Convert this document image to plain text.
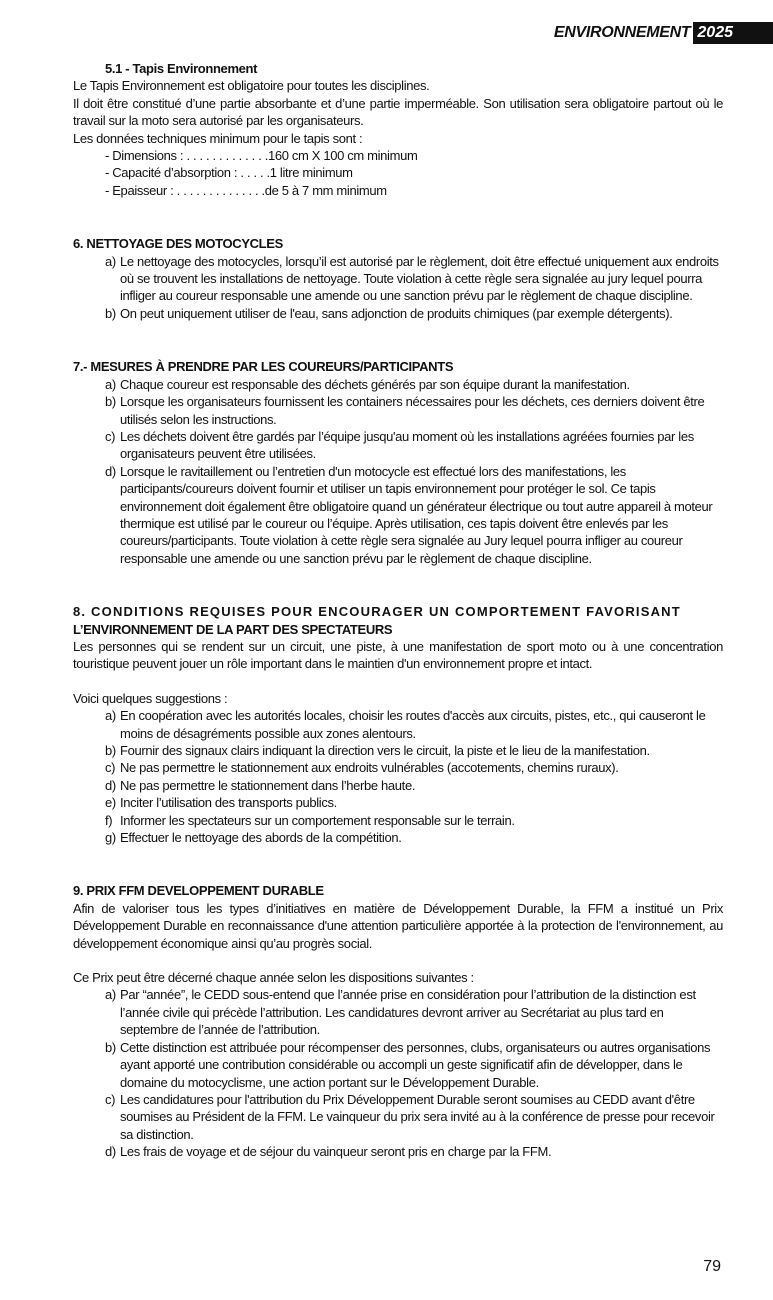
ENVIRONNEMENT 2025
5.1 - Tapis Environnement

Le Tapis Environnement est obligatoire pour toutes les disciplines.

Il doit être constitué d’une partie absorbante et d’une partie imperméable. Son utilisation sera obligatoire partout où le travail sur la moto sera autorisé par les organisateurs.

Les données techniques minimum pour le tapis sont :

- Dimensions : . . . . . . . . . . . . .160 cm X 100 cm minimum

- Capacité d’absorption : . . . . .1 litre minimum

- Epaisseur : . . . . . . . . . . . . . .de 5 à 7 mm minimum

6. NETTOYAGE DES MOTOCYCLES
a) Le nettoyage des motocycles, lorsqu’il est autorisé par le règlement, doit être effectué uniquement aux endroits où se trouvent les installations de nettoyage. Toute violation à cette règle sera signalée au jury lequel pourra infliger au coureur responsable une amende ou une sanction prévu par le règlement de chaque discipline.
b) On peut uniquement utiliser de l'eau, sans adjonction de produits chimiques (par exemple détergents).
7.- MESURES À PRENDRE PAR LES COUREURS/PARTICIPANTS
a) Chaque coureur est responsable des déchets générés par son équipe durant la manifestation.
b) Lorsque les organisateurs fournissent les containers nécessaires pour les déchets, ces derniers doivent être utilisés selon les instructions.
c) Les déchets doivent être gardés par l’équipe jusqu'au moment où les installations agréées fournies par les organisateurs peuvent être utilisées.
d) Lorsque le ravitaillement ou l’entretien d'un motocycle est effectué lors des manifestations, les participants/coureurs doivent fournir et utiliser un tapis environnement pour protéger le sol. Ce tapis environnement doit également être obligatoire quand un générateur électrique ou tout autre appareil à moteur thermique est utilisé par le coureur ou l’équipe. Après utilisation, ces tapis doivent être enlevés par les coureurs/participants. Toute violation à cette règle sera signalée au Jury lequel pourra infliger au coureur responsable une amende ou une sanction prévu par le règlement de chaque discipline.
8. CONDITIONS REQUISES POUR ENCOURAGER UN COMPORTEMENT FAVORISANT
L’ENVIRONNEMENT DE LA PART DES SPECTATEURS

Les personnes qui se rendent sur un circuit, une piste, à une manifestation de sport moto ou à une concentration touristique peuvent jouer un rôle important dans le maintien d'un environnement propre et intact.

Voici quelques suggestions :

a) En coopération avec les autorités locales, choisir les routes d'accès aux circuits, pistes, etc., qui causeront le moins de désagréments possible aux zones alentours.
b) Fournir des signaux clairs indiquant la direction vers le circuit, la piste et le lieu de la manifestation.
c) Ne pas permettre le stationnement aux endroits vulnérables (accotements, chemins ruraux).
d) Ne pas permettre le stationnement dans l’herbe haute.
e) Inciter l’utilisation des transports publics.
f) Informer les spectateurs sur un comportement responsable sur le terrain.
g) Effectuer le nettoyage des abords de la compétition.
9. PRIX FFM DEVELOPPEMENT DURABLE

Afin de valoriser tous les types d’initiatives en matière de Développement Durable, la FFM a institué un Prix Développement Durable en reconnaissance d'une attention particulière apportée à la protection de l'environnement, au développement économique ainsi qu’au progrès social.

Ce Prix peut être décerné chaque année selon les dispositions suivantes :

a) Par “année”, le CEDD sous-entend que l’année prise en considération pour l’attribution de la distinction est l’année civile qui précède l’attribution. Les candidatures devront arriver au Secrétariat au plus tard en septembre de l’année de l’attribution.
b) Cette distinction est attribuée pour récompenser des personnes, clubs, organisateurs ou autres organisations ayant apporté une contribution considérable ou accompli un geste significatif afin de développer, dans le domaine du motocyclisme, une action portant sur le Développement Durable.
c) Les candidatures pour l'attribution du Prix Développement Durable seront soumises au CEDD avant d'être soumises au Président de la FFM. Le vainqueur du prix sera invité au à la conférence de presse pour recevoir sa distinction.
d) Les frais de voyage et de séjour du vainqueur seront pris en charge par la FFM.
79
